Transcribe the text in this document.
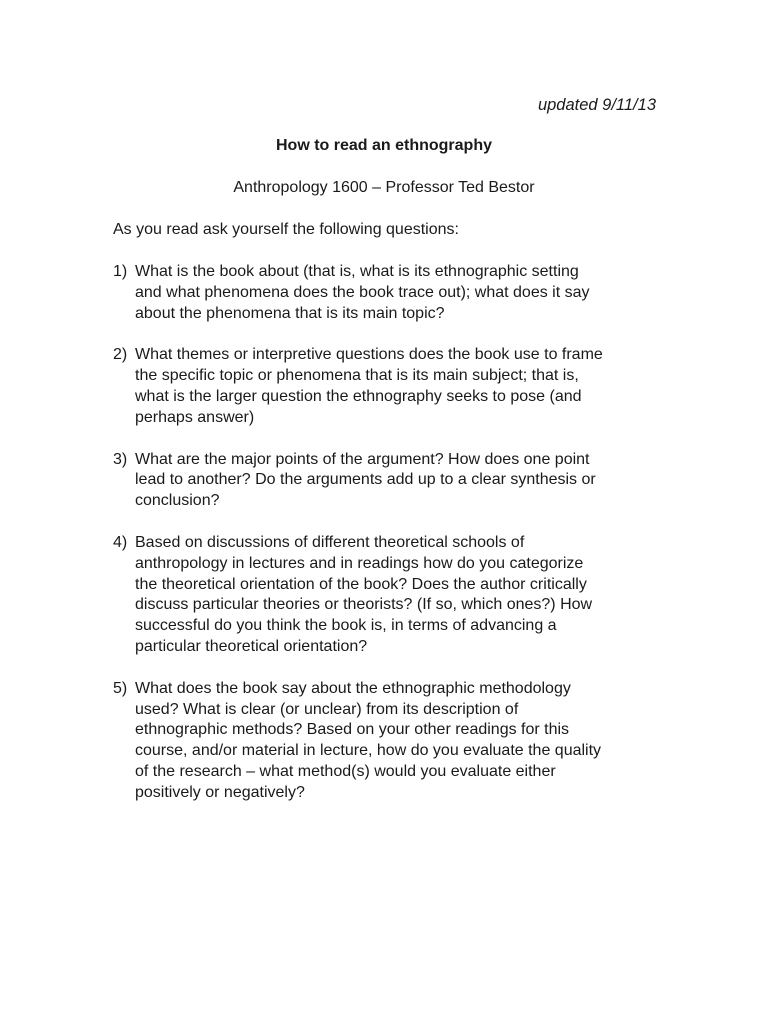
updated 9/11/13
How to read an ethnography
Anthropology 1600 – Professor Ted Bestor
As you read ask yourself the following questions:
1) What is the book about (that is, what is its ethnographic setting
and what phenomena does the book trace out); what does it say
about the phenomena that is its main topic?
2) What themes or interpretive questions does the book use to frame
the specific topic or phenomena that is its main subject; that is,
what is the larger question the ethnography seeks to pose (and
perhaps answer)
3) What are the major points of the argument? How does one point
lead to another? Do the arguments add up to a clear synthesis or
conclusion?
4) Based on discussions of different theoretical schools of
anthropology in lectures and in readings how do you categorize
the theoretical orientation of the book? Does the author critically
discuss particular theories or theorists? (If so, which ones?) How
successful do you think the book is, in terms of advancing a
particular theoretical orientation?
5) What does the book say about the ethnographic methodology
used? What is clear (or unclear) from its description of
ethnographic methods? Based on your other readings for this
course, and/or material in lecture, how do you evaluate the quality
of the research – what method(s) would you evaluate either
positively or negatively?
